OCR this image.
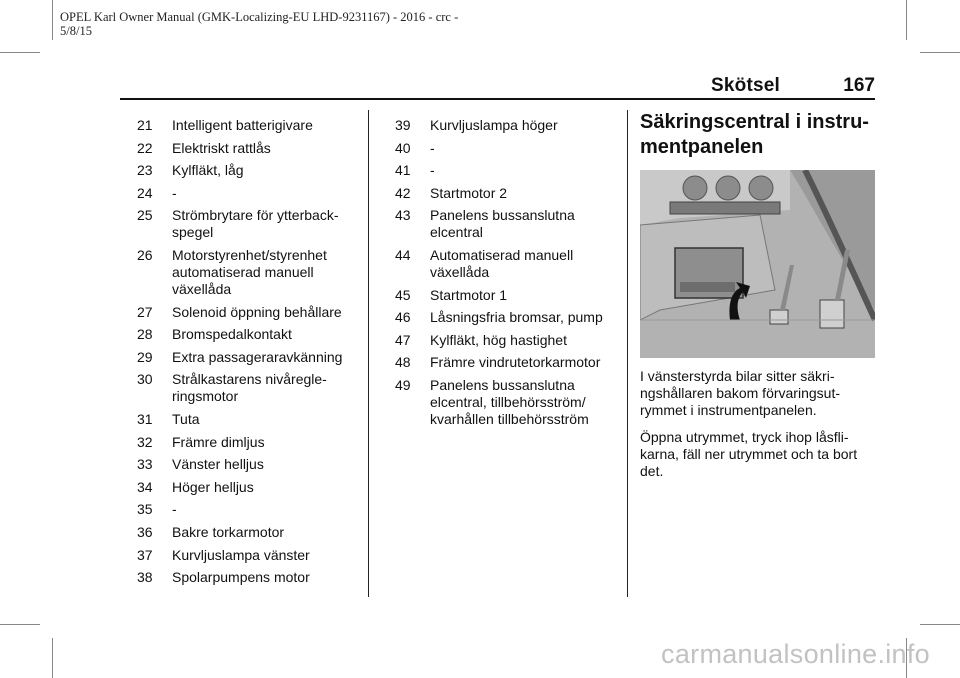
OPEL Karl Owner Manual (GMK-Localizing-EU LHD-9231167) - 2016 - crc -
5/8/15
Skötsel	167
21	Intelligent batterigivare
22	Elektriskt rattlås
23	Kylfläkt, låg
24	-
25	Strömbrytare för ytterback-spegel
26	Motorstyrenhet/styrenhet automatiserad manuell växellåda
27	Solenoid öppning behållare
28	Bromspedalkontakt
29	Extra passageraravkänning
30	Strålkastarens nivåregle-ringsmotor
31	Tuta
32	Främre dimljus
33	Vänster helljus
34	Höger helljus
35	-
36	Bakre torkarmotor
37	Kurvljuslampa vänster
38	Spolarpumpens motor
39	Kurvljuslampa höger
40	-
41	-
42	Startmotor 2
43	Panelens bussanslutna elcentral
44	Automatiserad manuell växellåda
45	Startmotor 1
46	Låsningsfria bromsar, pump
47	Kylfläkt, hög hastighet
48	Främre vindrutetorkarmotor
49	Panelens bussanslutna elcentral, tillbehörsström/ kvarhållen tillbehörsström
Säkringscentral i instru-
mentpanelen
I vänsterstyrda bilar sitter säkri-ngshållaren bakom förvaringsut-rymmet i instrumentpanelen.
Öppna utrymmet, tryck ihop låsfli-karna, fäll ner utrymmet och ta bort det.
carmanualsonline.info
